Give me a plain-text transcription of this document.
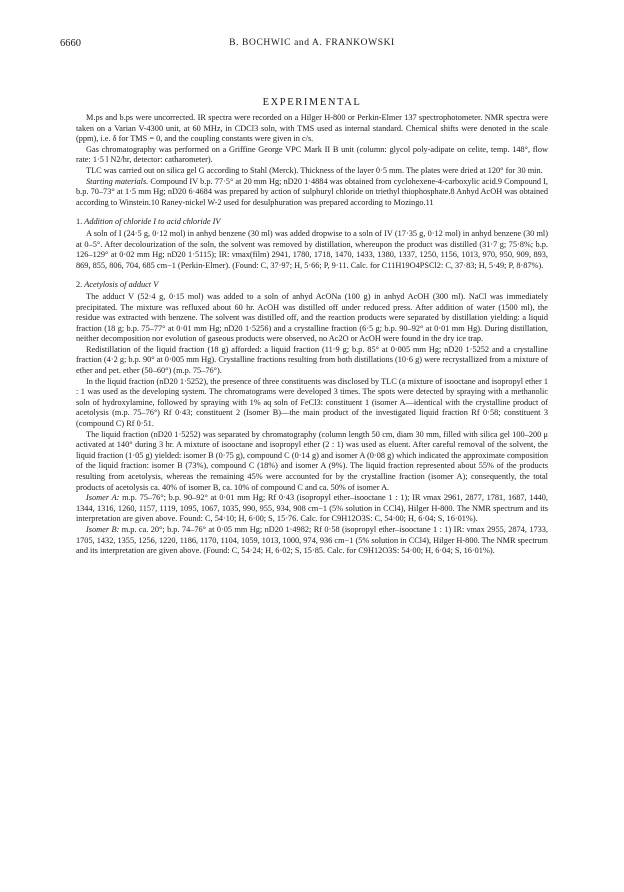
6660	B. BOCHWIC and A. FRANKOWSKI
EXPERIMENTAL

M.ps and b.ps were uncorrected. IR spectra were recorded on a Hilger H-800 or Perkin-Elmer 137 spectrophotometer. NMR spectra were taken on a Varian V-4300 unit, at 60 MHz, in CDCl3 soln, with TMS used as internal standard. Chemical shifts were denoted in the scale (ppm), i.e. δ for TMS = 0, and the coupling constants were given in c/s.

Gas chromatography was performed on a Griffine George VPC Mark II B unit (column: glycol poly-adipate on celite, temp. 148°, flow rate: 1·5 l N2/hr, detector: catharometer).

TLC was carried out on silica gel G according to Stahl (Merck). Thickness of the layer 0·5 mm. The plates were dried at 120° for 30 min.

Starting materials. Compound IV b.p. 77·5° at 20 mm Hg; nD20 1·4884 was obtained from cyclohexene-4-carboxylic acid.9 Compound I, b.p. 70–73° at 1·5 mm Hg; nD20 6·4684 was prepared by action of sulphuryl chloride on triethyl thiophosphate.8 Anhyd AcOH was obtained according to Winstein.10 Raney-nickel W-2 used for desulphuration was prepared according to Mozingo.11

1. Addition of chloride I to acid chloride IV

A soln of I (24·5 g, 0·12 mol) in anhyd benzene (30 ml) was added dropwise to a soln of IV (17·35 g, 0·12 mol) in anhyd benzene (30 ml) at 0–5°. After decolourization of the soln, the solvent was removed by distillation, whereupon the product was distilled (31·7 g; 75·8%; b.p. 126–129° at 0·02 mm Hg; nD20 1·5115); IR: νmax(film) 2941, 1780, 1718, 1470, 1433, 1380, 1337, 1250, 1156, 1013, 970, 950, 909, 893, 869, 855, 806, 704, 685 cm−1 (Perkin-Elmer). (Found: C, 37·97; H, 5·66; P, 9·11. Calc. for C11H19O4PSCl2: C, 37·83; H, 5·49; P, 8·87%).

2. Acetylosis of adduct V

The adduct V (52·4 g, 0·15 mol) was added to a soln of anhyd AcONa (100 g) in anhyd AcOH (300 ml). NaCl was immediately precipitated. The mixture was refluxed about 60 hr. AcOH was distilled off under reduced press. After addition of water (1500 ml), the residue was extracted with benzene. The solvent was distilled off, and the reaction products were separated by distillation yielding: a liquid fraction (18 g; b.p. 75–77° at 0·01 mm Hg; nD20 1·5256) and a crystalline fraction (6·5 g; b.p. 90–92° at 0·01 mm Hg). During distillation, neither decomposition nor evolution of gaseous products were observed, no Ac2O or AcOH were found in the dry ice trap.

Redistillation of the liquid fraction (18 g) afforded: a liquid fraction (11·9 g; b.p. 85° at 0·005 mm Hg; nD20 1·5252 and a crystalline fraction (4·2 g; b.p. 90° at 0·005 mm Hg). Crystalline fractions resulting from both distillations (10·6 g) were recrystallized from a mixture of ether and pet. ether (50–60°) (m.p. 75–76°).

In the liquid fraction (nD20 1·5252), the presence of three constituents was disclosed by TLC (a mixture of isooctane and isopropyl ether 1 : 1 was used as the developing system. The chromatograms were developed 3 times. The spots were detected by spraying with a methanolic soln of hydroxylamine, followed by spraying with 1% aq soln of FeCl3: constituent 1 (isomer A—identical with the crystalline product of acetolysis (m.p. 75–76°) Rf 0·43; constituent 2 (Isomer B)—the main product of the investigated liquid fraction Rf 0·58; constituent 3 (compound C) Rf 0·51.

The liquid fraction (nD20 1·5252) was separated by chromatography (column length 50 cm, diam 30 mm, filled with silica gel 100–200 μ activated at 140° during 3 hr. A mixture of isooctane and isopropyl ether (2 : 1) was used as eluent. After careful removal of the solvent, the liquid fraction (1·05 g) yielded: isomer B (0·75 g), compound C (0·14 g) and isomer A (0·08 g) which indicated the approximate composition of the liquid fraction: isomer B (73%), compound C (18%) and isomer A (9%). The liquid fraction represented about 55% of the products resulting from acetolysis, whereas the remaining 45% were accounted for by the crystalline fraction (isomer A); consequently, the total products of acetolysis ca. 40% of isomer B, ca. 10% of compound C and ca. 50% of isomer A.

Isomer A: m.p. 75–76°; b.p. 90–92° at 0·01 mm Hg; Rf 0·43 (isopropyl ether–isooctane 1 : 1); IR νmax 2961, 2877, 1781, 1687, 1440, 1344, 1316, 1260, 1157, 1119, 1095, 1067, 1035, 990, 955, 934, 908 cm−1 (5% solution in CCl4), Hilger H-800. The NMR spectrum and its interpretation are given above. Found: C, 54·10; H, 6·00; S, 15·76. Calc. for C9H12O3S: C, 54·00; H, 6·04; S, 16·01%).

Isomer B: m.p. ca. 20°; b.p. 74–76° at 0·05 mm Hg; nD20 1·4982; Rf 0·58 (isopropyl ether–isooctane 1 : 1) IR: νmax 2955, 2874, 1733, 1705, 1432, 1355, 1256, 1220, 1186, 1170, 1104, 1059, 1013, 1000, 974, 936 cm−1 (5% solution in CCl4), Hilger H-800. The NMR spectrum and its interpretation are given above. (Found: C, 54·24; H, 6·02; S, 15·85. Calc. for C9H12O3S: 54·00; H, 6·04; S, 16·01%).
